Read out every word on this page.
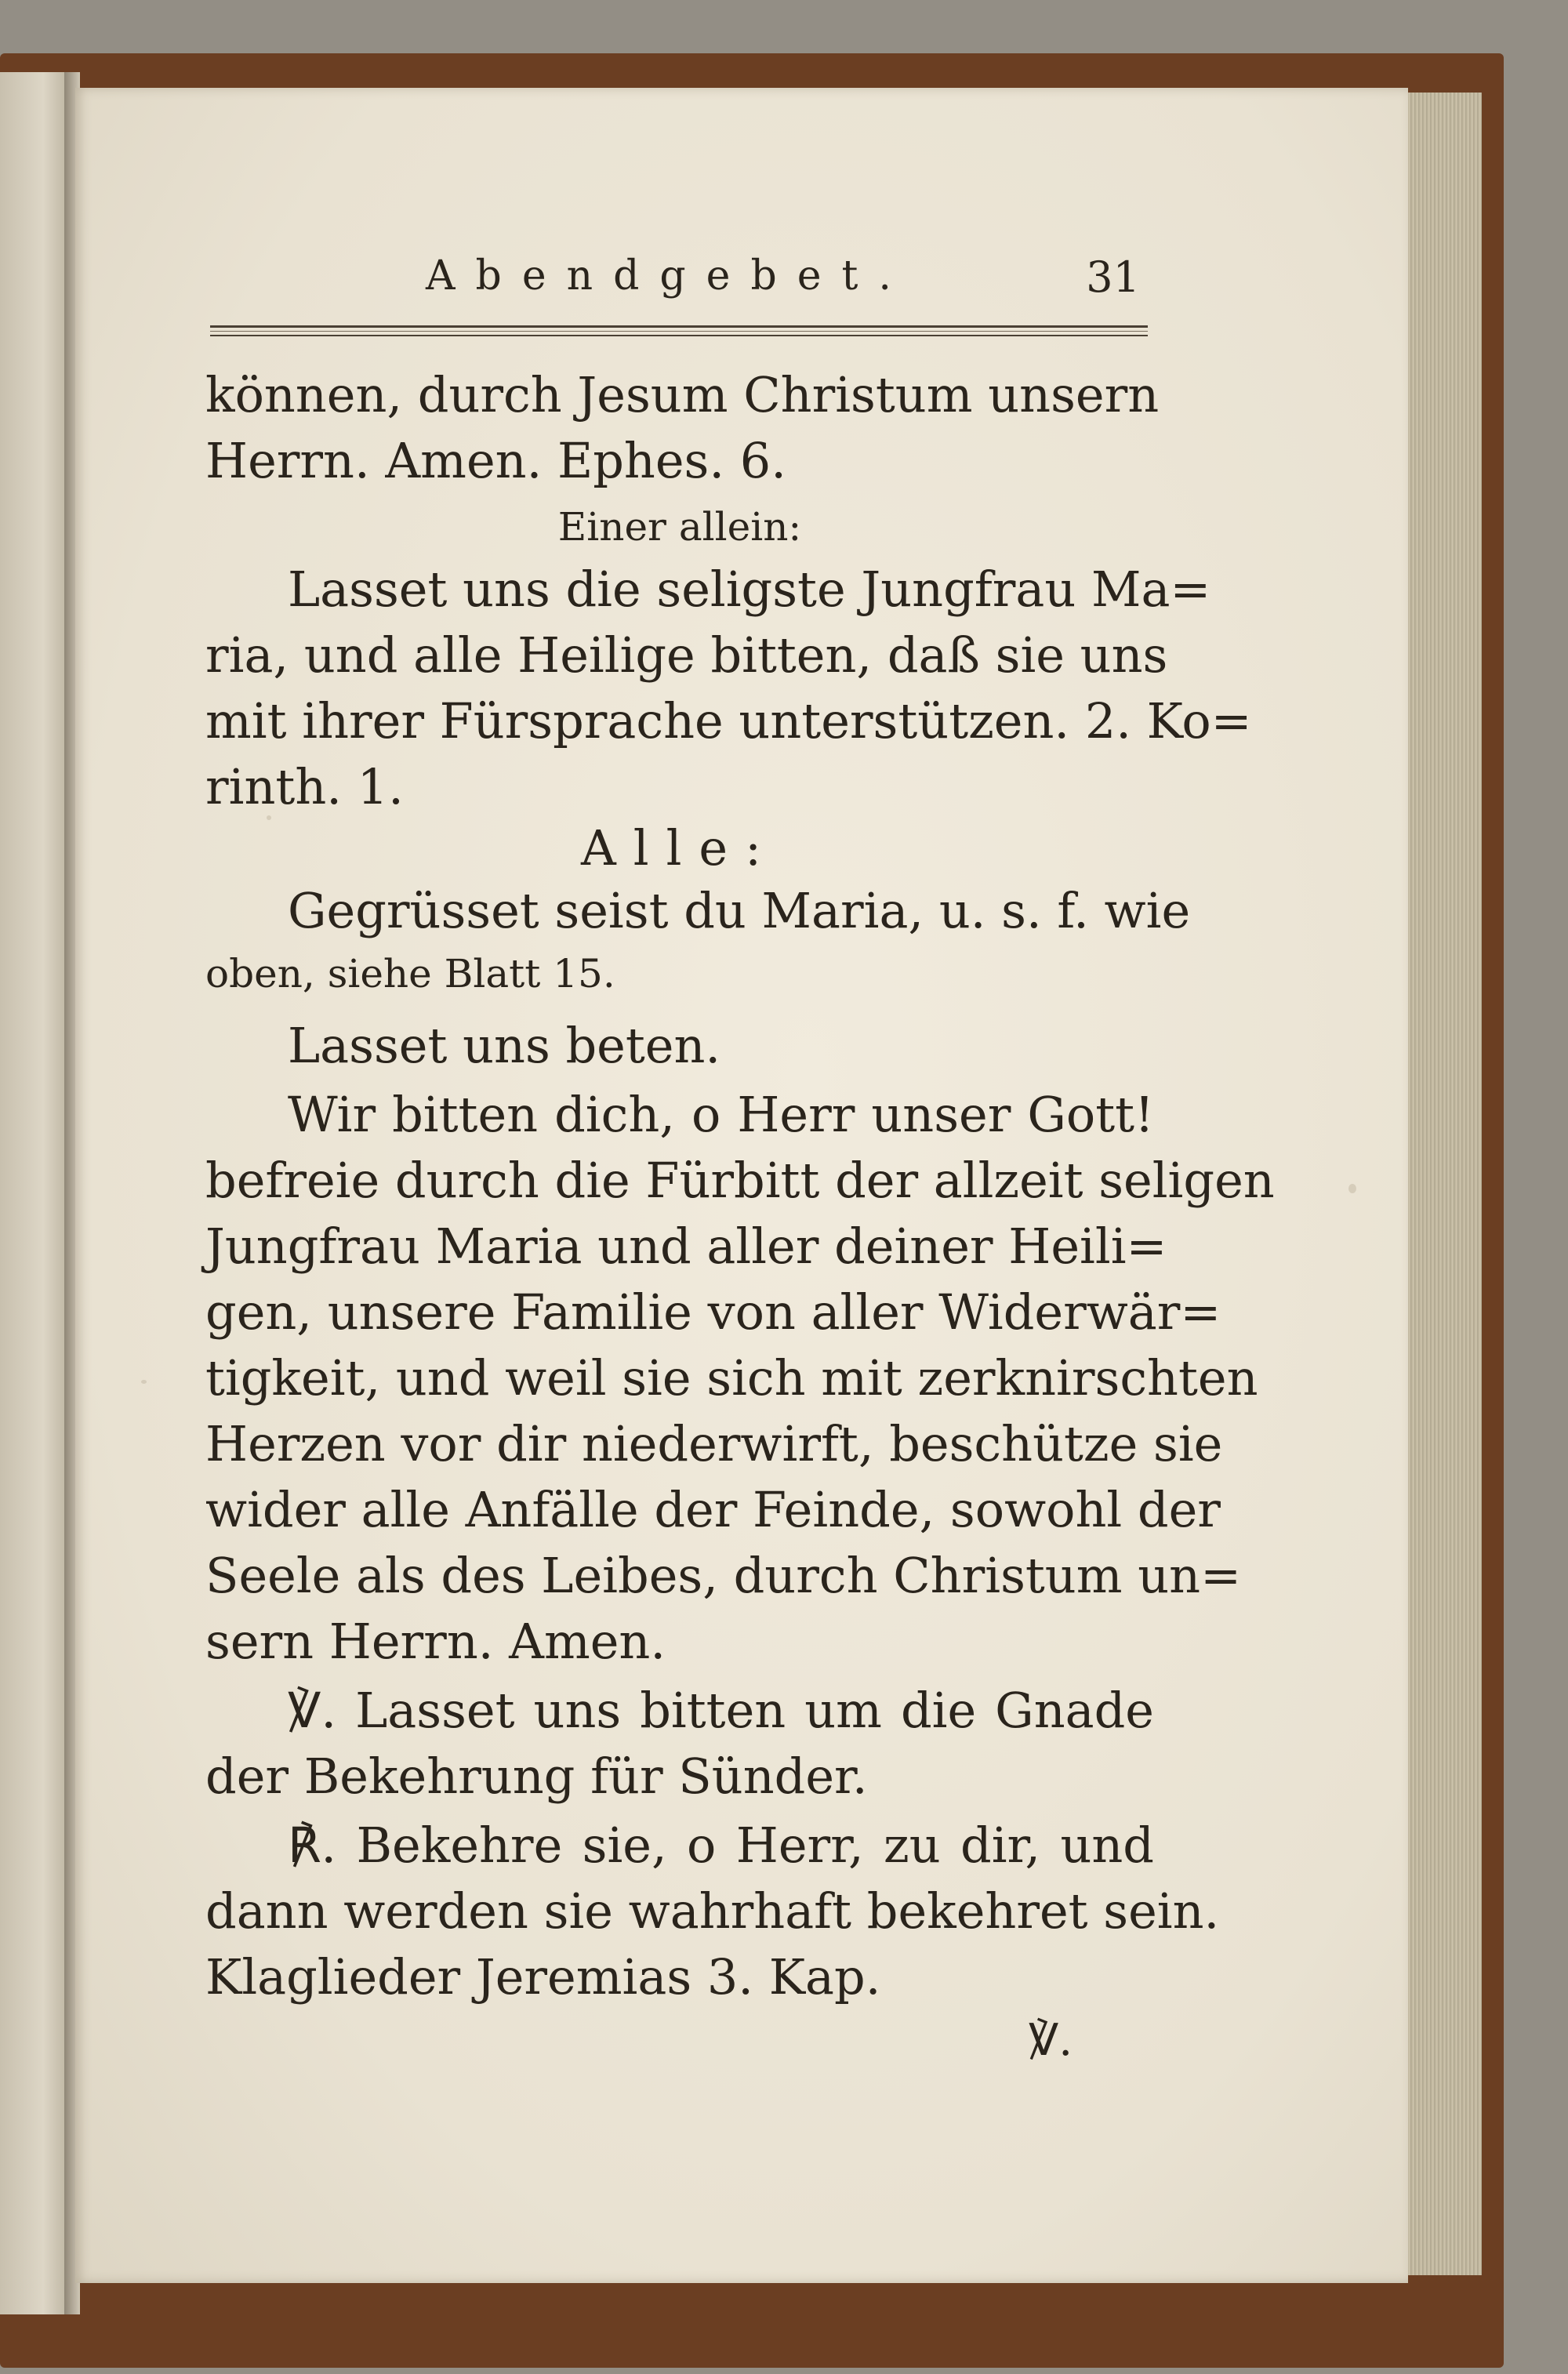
Abendgebet.	31
können, durch Jesum Christum unsern
Herrn. Amen. Ephes. 6.
Einer allein:
Lasset uns die seligste Jungfrau Ma=
ria, und alle Heilige bitten, daß sie uns
mit ihrer Fürsprache unterstützen. 2. Ko=
rinth. 1.
Alle:
Gegrüsset seist du Maria, u. s. f. wie
oben, siehe Blatt 15.
Lasset uns beten.
Wir bitten dich, o Herr unser Gott!
befreie durch die Fürbitt der allzeit seligen
Jungfrau Maria und aller deiner Heili=
gen, unsere Familie von aller Widerwär=
tigkeit, und weil sie sich mit zerknirschten
Herzen vor dir niederwirft, beschütze sie
wider alle Anfälle der Feinde, sowohl der
Seele als des Leibes, durch Christum un=
sern Herrn. Amen.
℣. Lasset uns bitten um die Gnade
der Bekehrung für Sünder.
℟. Bekehre sie, o Herr, zu dir, und
dann werden sie wahrhaft bekehret sein.
Klaglieder Jeremias 3. Kap.
℣.
